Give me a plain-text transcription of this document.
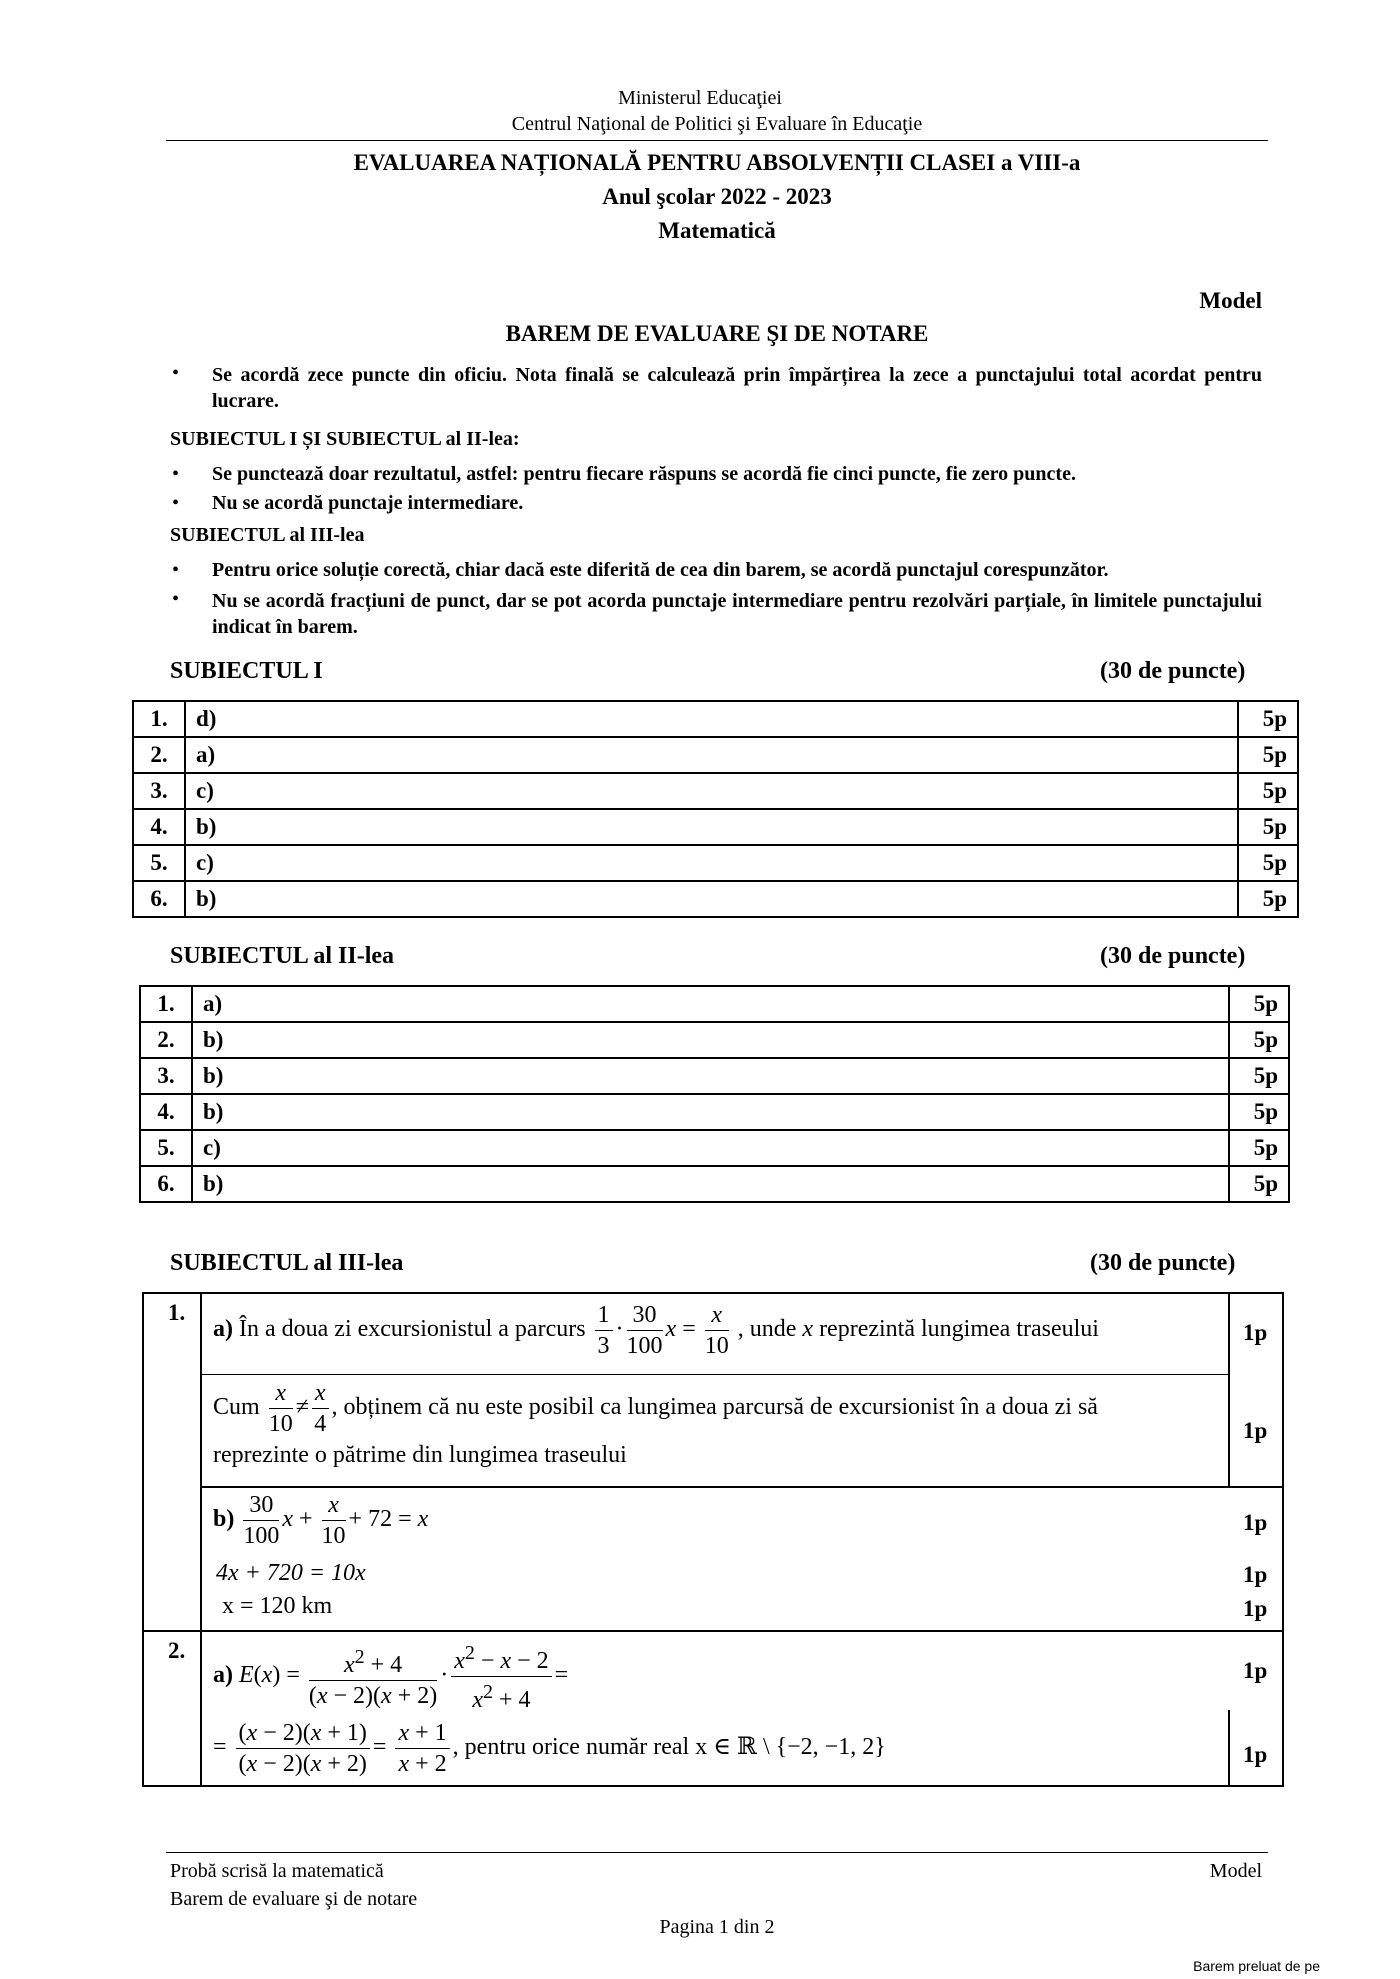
Ministerul Educaţiei
Centrul Naţional de Politici şi Evaluare în Educaţie
EVALUAREA NAȚIONALĂ PENTRU ABSOLVENȚII CLASEI a VIII-a
Anul şcolar 2022 - 2023
Matematică
Model
BAREM DE EVALUARE ŞI DE NOTARE
• Se acordă zece puncte din oficiu. Nota finală se calculează prin împărțirea la zece a punctajului total acordat pentru lucrare.
SUBIECTUL I ȘI SUBIECTUL al II-lea:
• Se punctează doar rezultatul, astfel: pentru fiecare răspuns se acordă fie cinci puncte, fie zero puncte.
• Nu se acordă punctaje intermediare.
SUBIECTUL al III-lea
• Pentru orice soluție corectă, chiar dacă este diferită de cea din barem, se acordă punctajul corespunzător.
• Nu se acordă fracțiuni de punct, dar se pot acorda punctaje intermediare pentru rezolvări parțiale, în limitele punctajului indicat în barem.
SUBIECTUL I	(30 de puncte)
1.	d)	5p
2.	a)	5p
3.	c)	5p
4.	b)	5p
5.	c)	5p
6.	b)	5p
SUBIECTUL al II-lea	(30 de puncte)
1.	a)	5p
2.	b)	5p
3.	b)	5p
4.	b)	5p
5.	c)	5p
6.	b)	5p
SUBIECTUL al III-lea	(30 de puncte)
1.
a) În a doua zi excursionistul a parcurs $\frac{1}{3} \cdot \frac{30}{100}$ $x = \frac{x}{10}$ , unde x reprezintă lungimea traseului	1p
Cum $\frac{x}{10} \ne \frac{x}{4}$ , obținem că nu este posibil ca lungimea parcursă de excursionist în a doua zi să
reprezinte o pătrime din lungimea traseului
1p
$b) \frac{30}{100}$ $x + \frac{x}{10} + 72 = x$	1p
4x + 720 = 10x	1p
x = 120 km	1p
2.
a) $E(x) = \frac{x^2 + 4}{(x - 2)(x + 2)} \cdot \frac{x^2 - x - 2}{x^2 + 4}$ =	1p
= $\frac{(x - 2)(x + 1)}{(x - 2)(x + 2)} = \frac{x + 1}{x + 2}$ , pentru orice număr real x ∈ ℝ \ {−2, −1, 2}	1p
Probă scrisă la matematică
Barem de evaluare şi de notare
Model
Pagina 1 din 2
Barem preluat de pe
